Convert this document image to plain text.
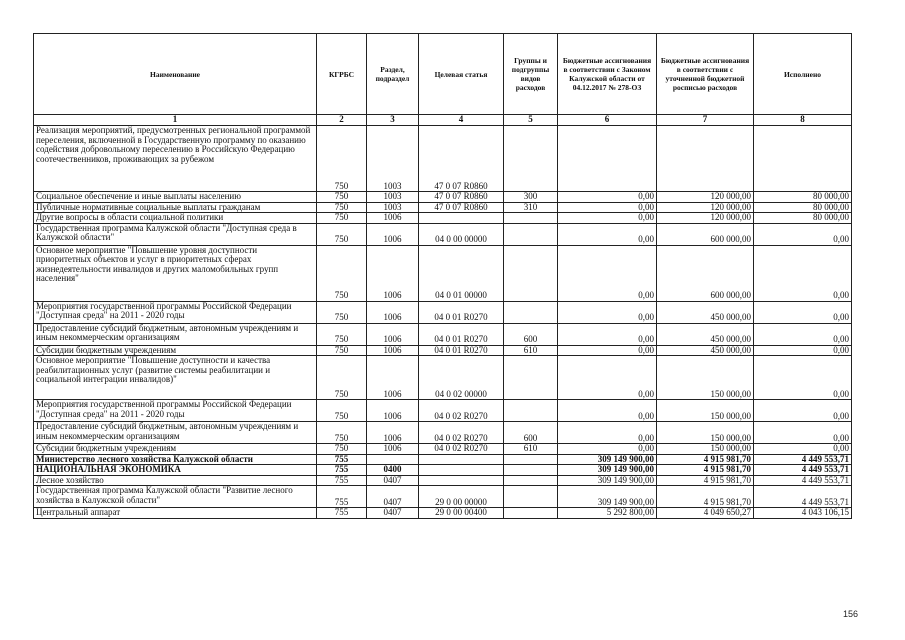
Наименование	КГРБС	Раздел, подраздел	Целевая статья	Группы и подгруппы видов расходов	Бюджетные ассигнования в соответствии с Законом Калужской области от 04.12.2017 № 278-ОЗ	Бюджетные ассигнования в соответствии с уточненной бюджетной росписью расходов	Исполнено
1	2	3	4	5	6	7	8
Реализация мероприятий, предусмотренных региональной программой переселения, включенной в Государственную программу по оказанию содействия добровольному переселению в Российскую Федерацию соотечественников, проживающих за рубежом	750	1003	47 0 07 R0860				
Социальное обеспечение и иные выплаты населению	750	1003	47 0 07 R0860	300	0,00	120 000,00	80 000,00
Публичные нормативные социальные выплаты гражданам	750	1003	47 0 07 R0860	310	0,00	120 000,00	80 000,00
Другие вопросы в области социальной политики	750	1006			0,00	120 000,00	80 000,00
Государственная программа Калужской области "Доступная среда в Калужской области"	750	1006	04 0 00 00000		0,00	600 000,00	0,00
Основное мероприятие "Повышение уровня доступности приоритетных объектов и услуг в приоритетных сферах жизнедеятельности инвалидов и других маломобильных групп населения"	750	1006	04 0 01 00000		0,00	600 000,00	0,00
Мероприятия государственной программы Российской Федерации "Доступная среда" на 2011 - 2020 годы	750	1006	04 0 01 R0270		0,00	450 000,00	0,00
Предоставление субсидий бюджетным, автономным учреждениям и иным некоммерческим организациям	750	1006	04 0 01 R0270	600	0,00	450 000,00	0,00
Субсидии бюджетным учреждениям	750	1006	04 0 01 R0270	610	0,00	450 000,00	0,00
Основное мероприятие "Повышение доступности и качества реабилитационных услуг (развитие системы реабилитации и социальной интеграции инвалидов)"	750	1006	04 0 02 00000		0,00	150 000,00	0,00
Мероприятия государственной программы Российской Федерации "Доступная среда" на 2011 - 2020 годы	750	1006	04 0 02 R0270		0,00	150 000,00	0,00
Предоставление субсидий бюджетным, автономным учреждениям и иным некоммерческим организациям	750	1006	04 0 02 R0270	600	0,00	150 000,00	0,00
Субсидии бюджетным учреждениям	750	1006	04 0 02 R0270	610	0,00	150 000,00	0,00
Министерство лесного хозяйства Калужской области	755				309 149 900,00	4 915 981,70	4 449 553,71
НАЦИОНАЛЬНАЯ ЭКОНОМИКА	755	0400			309 149 900,00	4 915 981,70	4 449 553,71
Лесное хозяйство	755	0407			309 149 900,00	4 915 981,70	4 449 553,71
Государственная программа Калужской области "Развитие лесного хозяйства в Калужской области"	755	0407	29 0 00 00000		309 149 900,00	4 915 981,70	4 449 553,71
Центральный аппарат	755	0407	29 0 00 00400		5 292 800,00	4 049 650,27	4 043 106,15
156
